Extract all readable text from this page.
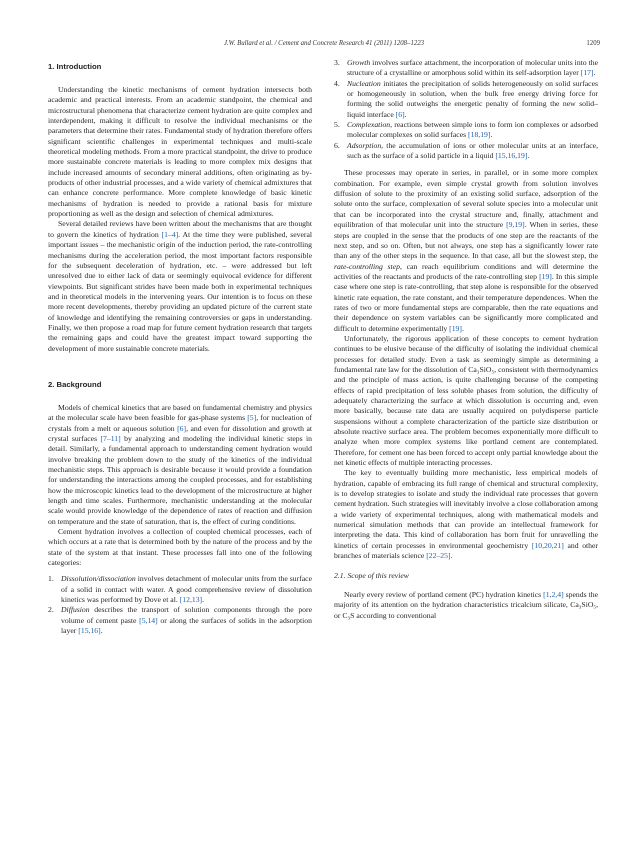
J.W. Bullard et al. / Cement and Concrete Research 41 (2011) 1208–1223	1209
1. Introduction

Understanding the kinetic mechanisms of cement hydration intersects both academic and practical interests. From an academic standpoint, the chemical and microstructural phenomena that characterize cement hydration are quite complex and interdependent, making it difficult to resolve the individual mechanisms or the parameters that determine their rates. Fundamental study of hydration therefore offers significant scientific challenges in experimental techniques and multi-scale theoretical modeling methods. From a more practical standpoint, the drive to produce more sustainable concrete materials is leading to more complex mix designs that include increased amounts of secondary mineral additions, often originating as by-products of other industrial processes, and a wide variety of chemical admixtures that can enhance concrete performance. More complete knowledge of basic kinetic mechanisms of hydration is needed to provide a rational basis for mixture proportioning as well as the design and selection of chemical admixtures.

Several detailed reviews have been written about the mechanisms that are thought to govern the kinetics of hydration [1–4]. At the time they were published, several important issues – the mechanistic origin of the induction period, the rate-controlling mechanisms during the acceleration period, the most important factors responsible for the subsequent deceleration of hydration, etc. – were addressed but left unresolved due to either lack of data or seemingly equivocal evidence for different viewpoints. But significant strides have been made both in experimental techniques and in theoretical models in the intervening years. Our intention is to focus on these more recent developments, thereby providing an updated picture of the current state of knowledge and identifying the remaining controversies or gaps in understanding. Finally, we then propose a road map for future cement hydration research that targets the remaining gaps and could have the greatest impact toward supporting the development of more sustainable concrete materials.

2. Background

Models of chemical kinetics that are based on fundamental chemistry and physics at the molecular scale have been feasible for gas-phase systems [5], for nucleation of crystals from a melt or aqueous solution [6], and even for dissolution and growth at crystal surfaces [7–11] by analyzing and modeling the individual kinetic steps in detail. Similarly, a fundamental approach to understanding cement hydration would involve breaking the problem down to the study of the kinetics of the individual mechanistic steps. This approach is desirable because it would provide a foundation for understanding the interactions among the coupled processes, and for establishing how the microscopic kinetics lead to the development of the microstructure at higher length and time scales. Furthermore, mechanistic understanding at the molecular scale would provide knowledge of the dependence of rates of reaction and diffusion on temperature and the state of saturation, that is, the effect of curing conditions.

Cement hydration involves a collection of coupled chemical processes, each of which occurs at a rate that is determined both by the nature of the process and by the state of the system at that instant. These processes fall into one of the following categories:

1. Dissolution/dissociation involves detachment of molecular units from the surface of a solid in contact with water. A good comprehensive review of dissolution kinetics was performed by Dove et al. [12,13].
2. Diffusion describes the transport of solution components through the pore volume of cement paste [5,14] or along the surfaces of solids in the adsorption layer [15,16].
3. Growth involves surface attachment, the incorporation of molecular units into the structure of a crystalline or amorphous solid within its self-adsorption layer [17].
4. Nucleation initiates the precipitation of solids heterogeneously on solid surfaces or homogeneously in solution, when the bulk free energy driving force for forming the solid outweighs the energetic penalty of forming the new solid–liquid interface [6].
5. Complexation, reactions between simple ions to form ion complexes or adsorbed molecular complexes on solid surfaces [18,19].
6. Adsorption, the accumulation of ions or other molecular units at an interface, such as the surface of a solid particle in a liquid [15,16,19].

These processes may operate in series, in parallel, or in some more complex combination. For example, even simple crystal growth from solution involves diffusion of solute to the proximity of an existing solid surface, adsorption of the solute onto the surface, complexation of several solute species into a molecular unit that can be incorporated into the crystal structure and, finally, attachment and equilibration of that molecular unit into the structure [9,19]. When in series, these steps are coupled in the sense that the products of one step are the reactants of the next step, and so on. Often, but not always, one step has a significantly lower rate than any of the other steps in the sequence. In that case, all but the slowest step, the rate-controlling step, can reach equilibrium conditions and will determine the activities of the reactants and products of the rate-controlling step [19]. In this simple case where one step is rate-controlling, that step alone is responsible for the observed kinetic rate equation, the rate constant, and their temperature dependences. When the rates of two or more fundamental steps are comparable, then the rate equations and their dependence on system variables can be significantly more complicated and difficult to determine experimentally [19].

Unfortunately, the rigorous application of these concepts to cement hydration continues to be elusive because of the difficulty of isolating the individual chemical processes for detailed study. Even a task as seemingly simple as determining a fundamental rate law for the dissolution of Ca₃SiO₅, consistent with thermodynamics and the principle of mass action, is quite challenging because of the competing effects of rapid precipitation of less soluble phases from solution, the difficulty of adequately characterizing the surface at which dissolution is occurring and, even more basically, because rate data are usually acquired on polydisperse particle suspensions without a complete characterization of the particle size distribution or absolute reactive surface area. The problem becomes exponentially more difficult to analyze when more complex systems like portland cement are contemplated. Therefore, for cement one has been forced to accept only partial knowledge about the net kinetic effects of multiple interacting processes.

The key to eventually building more mechanistic, less empirical models of hydration, capable of embracing its full range of chemical and structural complexity, is to develop strategies to isolate and study the individual rate processes that govern cement hydration. Such strategies will inevitably involve a close collaboration among a wide variety of experimental techniques, along with mathematical models and numerical simulation methods that can provide an intellectual framework for interpreting the data. This kind of collaboration has born fruit for unravelling the kinetics of certain processes in environmental geochemistry [10,20,21] and other branches of materials science [22–25].

2.1. Scope of this review

Nearly every review of portland cement (PC) hydration kinetics [1,2,4] spends the majority of its attention on the hydration characteristics tricalcium silicate, Ca₃SiO₅, or C₃S according to conventional
